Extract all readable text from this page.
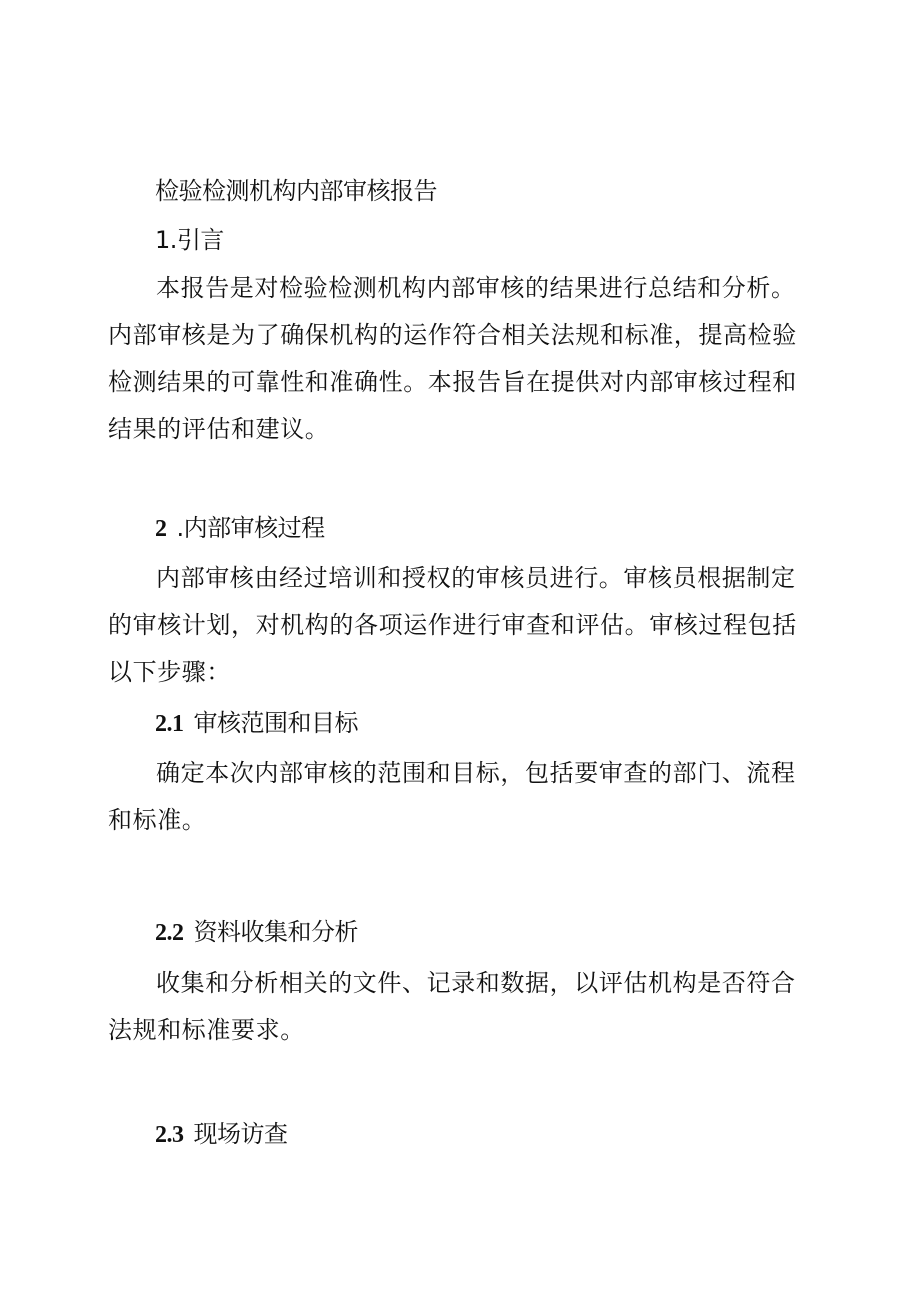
检验检测机构内部审核报告
1.引言

本报告是对检验检测机构内部审核的结果进行总结和分析。内部审核是为了确保机构的运作符合相关法规和标准，提高检验检测结果的可靠性和准确性。本报告旨在提供对内部审核过程和结果的评估和建议。

2 .内部审核过程

内部审核由经过培训和授权的审核员进行。审核员根据制定的审核计划，对机构的各项运作进行审查和评估。审核过程包括以下步骤：

2.1 审核范围和目标

确定本次内部审核的范围和目标，包括要审查的部门、流程和标准。

2.2 资料收集和分析

收集和分析相关的文件、记录和数据，以评估机构是否符合法规和标准要求。

2.3 现场访查
